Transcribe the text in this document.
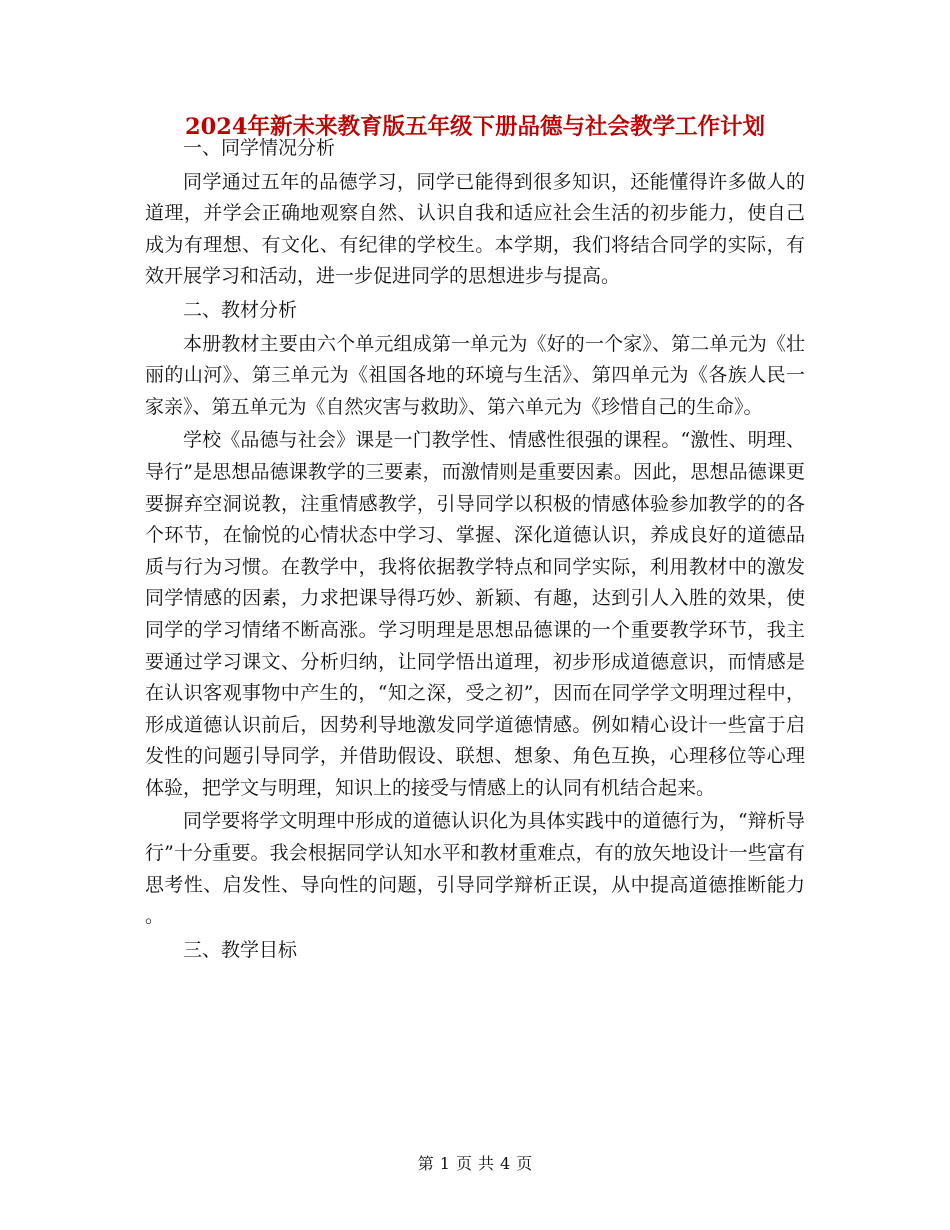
2024年新未来教育版五年级下册品德与社会教学工作计划

一、同学情况分析

同学通过五年的品德学习，同学已能得到很多知识，还能懂得许多做人的道理，并学会正确地观察自然、认识自我和适应社会生活的初步能力，使自己成为有理想、有文化、有纪律的学校生。本学期，我们将结合同学的实际，有效开展学习和活动，进一步促进同学的思想进步与提高。

二、教材分析

本册教材主要由六个单元组成第一单元为《好的一个家》、第二单元为《壮丽的山河》、第三单元为《祖国各地的环境与生活》、第四单元为《各族人民一家亲》、第五单元为《自然灾害与救助》、第六单元为《珍惜自己的生命》。

学校《品德与社会》课是一门教学性、情感性很强的课程。“激性、明理、导行”是思想品德课教学的三要素，而激情则是重要因素。因此，思想品德课更要摒弃空洞说教，注重情感教学，引导同学以积极的情感体验参加教学的的各个环节，在愉悦的心情状态中学习、掌握、深化道德认识，养成良好的道德品质与行为习惯。在教学中，我将依据教学特点和同学实际，利用教材中的激发同学情感的因素，力求把课导得巧妙、新颖、有趣，达到引人入胜的效果，使同学的学习情绪不断高涨。学习明理是思想品德课的一个重要教学环节，我主要通过学习课文、分析归纳，让同学悟出道理，初步形成道德意识，而情感是在认识客观事物中产生的，“知之深，受之初”，因而在同学学文明理过程中，形成道德认识前后，因势利导地激发同学道德情感。例如精心设计一些富于启发性的问题引导同学，并借助假设、联想、想象、角色互换，心理移位等心理体验，把学文与明理，知识上的接受与情感上的认同有机结合起来。

同学要将学文明理中形成的道德认识化为具体实践中的道德行为，“辩析导行”十分重要。我会根据同学认知水平和教材重难点，有的放矢地设计一些富有思考性、启发性、导向性的问题，引导同学辩析正误，从中提高道德推断能力。

三、教学目标

第 1 页 共 4 页
